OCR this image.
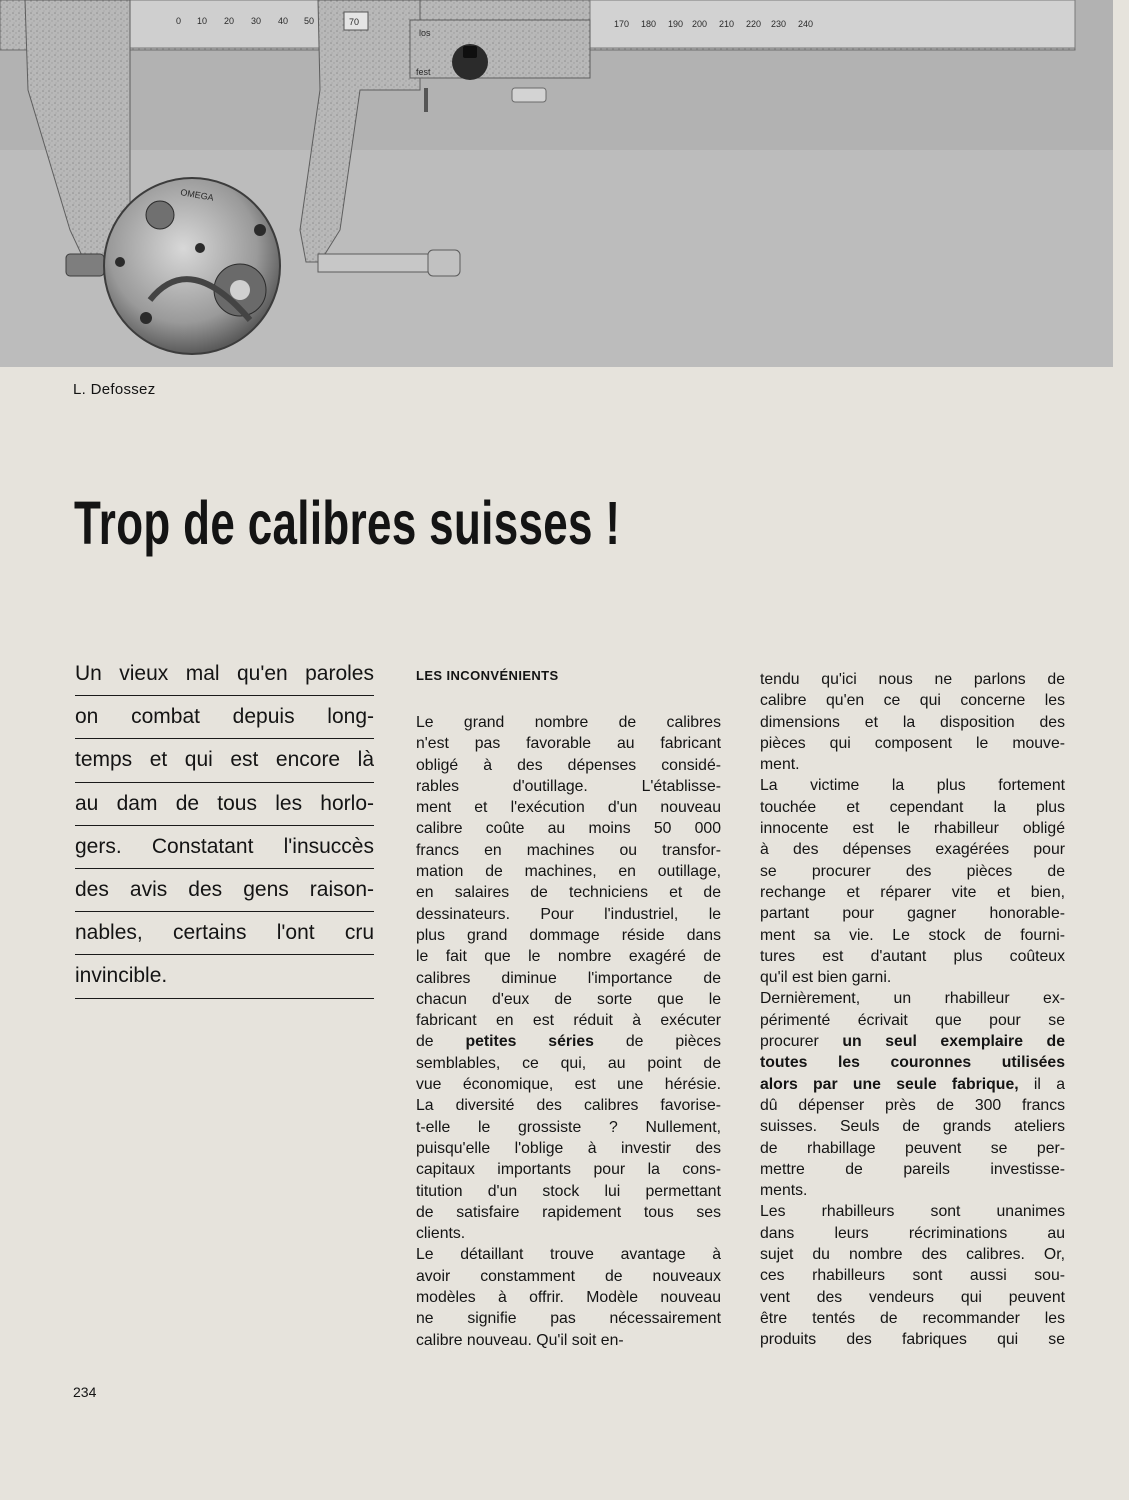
0 10 20 30 40 50	70	170 180 190 200 210 220 230 240
los
fest
OMEGA
L. Defossez
Trop de calibres suisses !
Un vieux mal qu'en paroles
on combat depuis long-
temps et qui est encore là
au dam de tous les horlo-
gers. Constatant l'insuccès
des avis des gens raison-
nables, certains l'ont cru
invincible.
LES INCONVÉNIENTS
Le grand nombre de calibres
n'est pas favorable au fabricant
obligé à des dépenses considé-
rables d'outillage. L'établisse-
ment et l'exécution d'un nouveau
calibre coûte au moins 50 000
francs en machines ou transfor-
mation de machines, en outillage,
en salaires de techniciens et de
dessinateurs. Pour l'industriel, le
plus grand dommage réside dans
le fait que le nombre exagéré de
calibres diminue l'importance de
chacun d'eux de sorte que le
fabricant en est réduit à exécuter
de petites séries de pièces
semblables, ce qui, au point de
vue économique, est une hérésie.
La diversité des calibres favorise-
t-elle le grossiste ? Nullement,
puisqu'elle l'oblige à investir des
capitaux importants pour la cons-
titution d'un stock lui permettant
de satisfaire rapidement tous ses
clients.
Le détaillant trouve avantage à
avoir constamment de nouveaux
modèles à offrir. Modèle nouveau
ne signifie pas nécessairement
calibre nouveau. Qu'il soit en-
tendu qu'ici nous ne parlons de
calibre qu'en ce qui concerne les
dimensions et la disposition des
pièces qui composent le mouve-
ment.
La victime la plus fortement
touchée et cependant la plus
innocente est le rhabilleur obligé
à des dépenses exagérées pour
se procurer des pièces de
rechange et réparer vite et bien,
partant pour gagner honorable-
ment sa vie. Le stock de fourni-
tures est d'autant plus coûteux
qu'il est bien garni.
Dernièrement, un rhabilleur ex-
périmenté écrivait que pour se
procurer un seul exemplaire de
toutes les couronnes utilisées
alors par une seule fabrique, il a
dû dépenser près de 300 francs
suisses. Seuls de grands ateliers
de rhabillage peuvent se per-
mettre de pareils investisse-
ments.
Les rhabilleurs sont unanimes
dans leurs récriminations au
sujet du nombre des calibres. Or,
ces rhabilleurs sont aussi sou-
vent des vendeurs qui peuvent
être tentés de recommander les
produits des fabriques qui se
234
